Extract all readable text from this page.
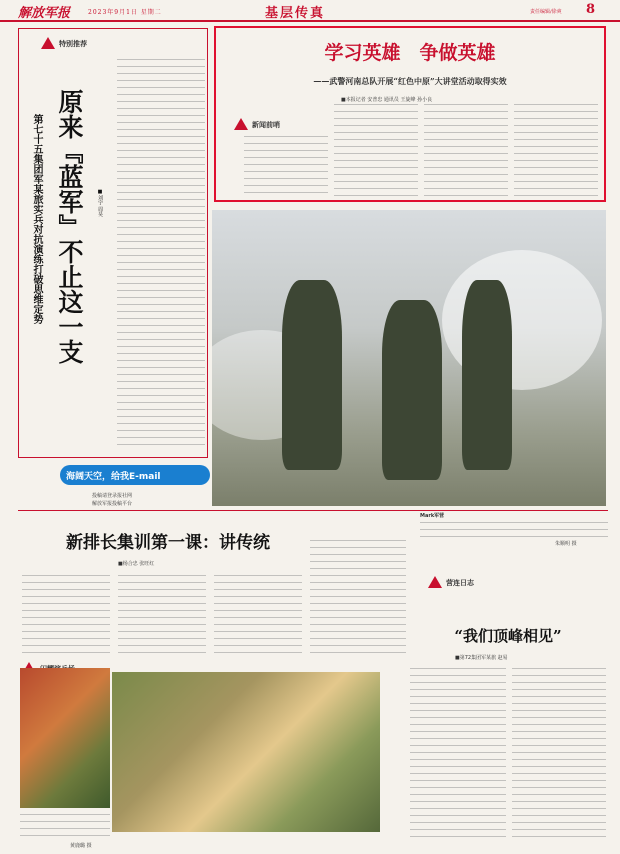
解放军报	2023年9月1日 星期二	基层传真	责任编辑/徐爽 8
特别推荐
原来『蓝军』不止这一支
第七十五集团军某旅实兵对抗演练打破思维定势	■刘宇 周昊
海阔天空，给我E-mail
投稿请登录报社网
解放军报投稿平台
学习英雄　争做英雄
——武警河南总队开展“红色中原”大讲堂活动取得实效
■本报记者 安普忠 通讯员 王旋峰 孙小良
新闻前哨
Mark军营
朱顺明 摄
新排长集训第一课：讲传统
■杨合忠 张旺红
黄鹿璐 摄
营连日志
“我们顶峰相见”
■第72集团军某旅 赵易
